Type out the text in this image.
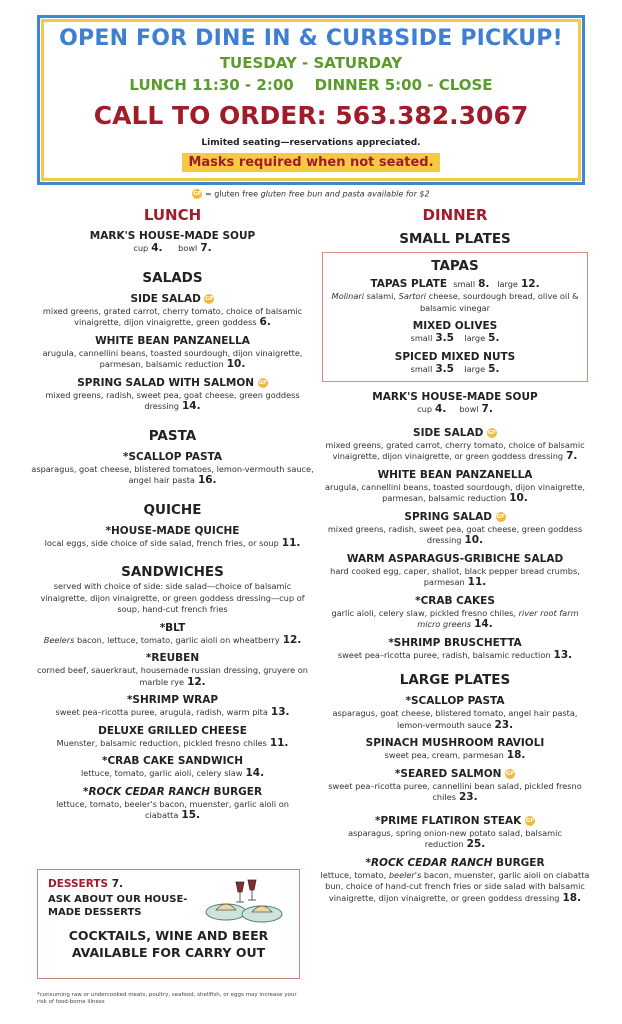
OPEN FOR DINE IN & CURBSIDE PICKUP!
TUESDAY - SATURDAY
LUNCH 11:30 - 2:00    DINNER 5:00 - CLOSE
CALL TO ORDER: 563.382.3067
Limited seating—reservations appreciated.
Masks required when not seated.
GF = gluten free gluten free bun and pasta available for $2
LUNCH
MARK'S HOUSE-MADE SOUP
cup 4. bowl 7.
SALADS
SIDE SALAD GF
mixed greens, grated carrot, cherry tomato, choice of balsamic vinaigrette, dijon vinaigrette, green goddess 6.
WHITE BEAN PANZANELLA
arugula, cannellini beans, toasted sourdough, dijon vinaigrette, parmesan, balsamic reduction 10.
SPRING SALAD WITH SALMON GF
mixed greens, radish, sweet pea, goat cheese, green goddess dressing 14.
PASTA
*SCALLOP PASTA
asparagus, goat cheese, blistered tomatoes, lemon-vermouth sauce, angel hair pasta 16.
QUICHE
*HOUSE-MADE QUICHE
local eggs, side choice of side salad, french fries, or soup 11.
SANDWICHES
served with choice of side: side salad—choice of balsamic vinaigrette, dijon vinaigrette, or green goddess dressing—cup of soup, hand-cut french fries
*BLT
Beelers bacon, lettuce, tomato, garlic aioli on wheatberry 12.
*REUBEN
corned beef, sauerkraut, housemade russian dressing, gruyere on marble rye 12.
*SHRIMP WRAP
sweet pea–ricotta puree, arugula, radish, warm pita 13.
DELUXE GRILLED CHEESE
Muenster, balsamic reduction, pickled fresno chiles 11.
*CRAB CAKE SANDWICH
lettuce, tomato, garlic aioli, celery slaw 14.
*ROCK CEDAR RANCH BURGER
lettuce, tomato, beeler's bacon, muenster, garlic aioli on ciabatta 15.
DINNER
SMALL PLATES
TAPAS
TAPAS PLATE small 8. large 12.
Molinari salami, Sartori cheese, sourdough bread, olive oil & balsamic vinegar
MIXED OLIVES
small 3.5 large 5.
SPICED MIXED NUTS
small 3.5 large 5.
MARK'S HOUSE-MADE SOUP
cup 4. bowl 7.
SIDE SALAD GF
mixed greens, grated carrot, cherry tomato, choice of balsamic vinaigrette, dijon vinaigrette, or green goddess dressing 7.
WHITE BEAN PANZANELLA
arugula, cannellini beans, toasted sourdough, dijon vinaigrette, parmesan, balsamic reduction 10.
SPRING SALAD GF
mixed greens, radish, sweet pea, goat cheese, green goddess dressing 10.
WARM ASPARAGUS-GRIBICHE SALAD
hard cooked egg, caper, shallot, black pepper bread crumbs, parmesan 11.
*CRAB CAKES
garlic aioli, celery slaw, pickled fresno chiles, river root farm micro greens 14.
*SHRIMP BRUSCHETTA
sweet pea–ricotta puree, radish, balsamic reduction 13.
LARGE PLATES
*SCALLOP PASTA
asparagus, goat cheese, blistered tomato, angel hair pasta, lemon-vermouth sauce 23.
SPINACH MUSHROOM RAVIOLI
sweet pea, cream, parmesan 18.
*SEARED SALMON GF
sweet pea–ricotta puree, cannellini bean salad, pickled fresno chiles 23.
*PRIME FLATIRON STEAK GF
asparagus, spring onion-new potato salad, balsamic reduction 25.
*ROCK CEDAR RANCH BURGER
lettuce, tomato, beeler's bacon, muenster, garlic aioli on ciabatta bun, choice of hand-cut french fries or side salad with balsamic vinaigrette, dijon vinaigrette, or green goddess dressing 18.
DESSERTS 7.
ASK ABOUT OUR HOUSE-MADE DESSERTS
COCKTAILS, WINE AND BEER AVAILABLE FOR CARRY OUT
*consuming raw or undercooked meats, poultry, seafood, shellfish, or eggs may increase your risk of food-borne illness
